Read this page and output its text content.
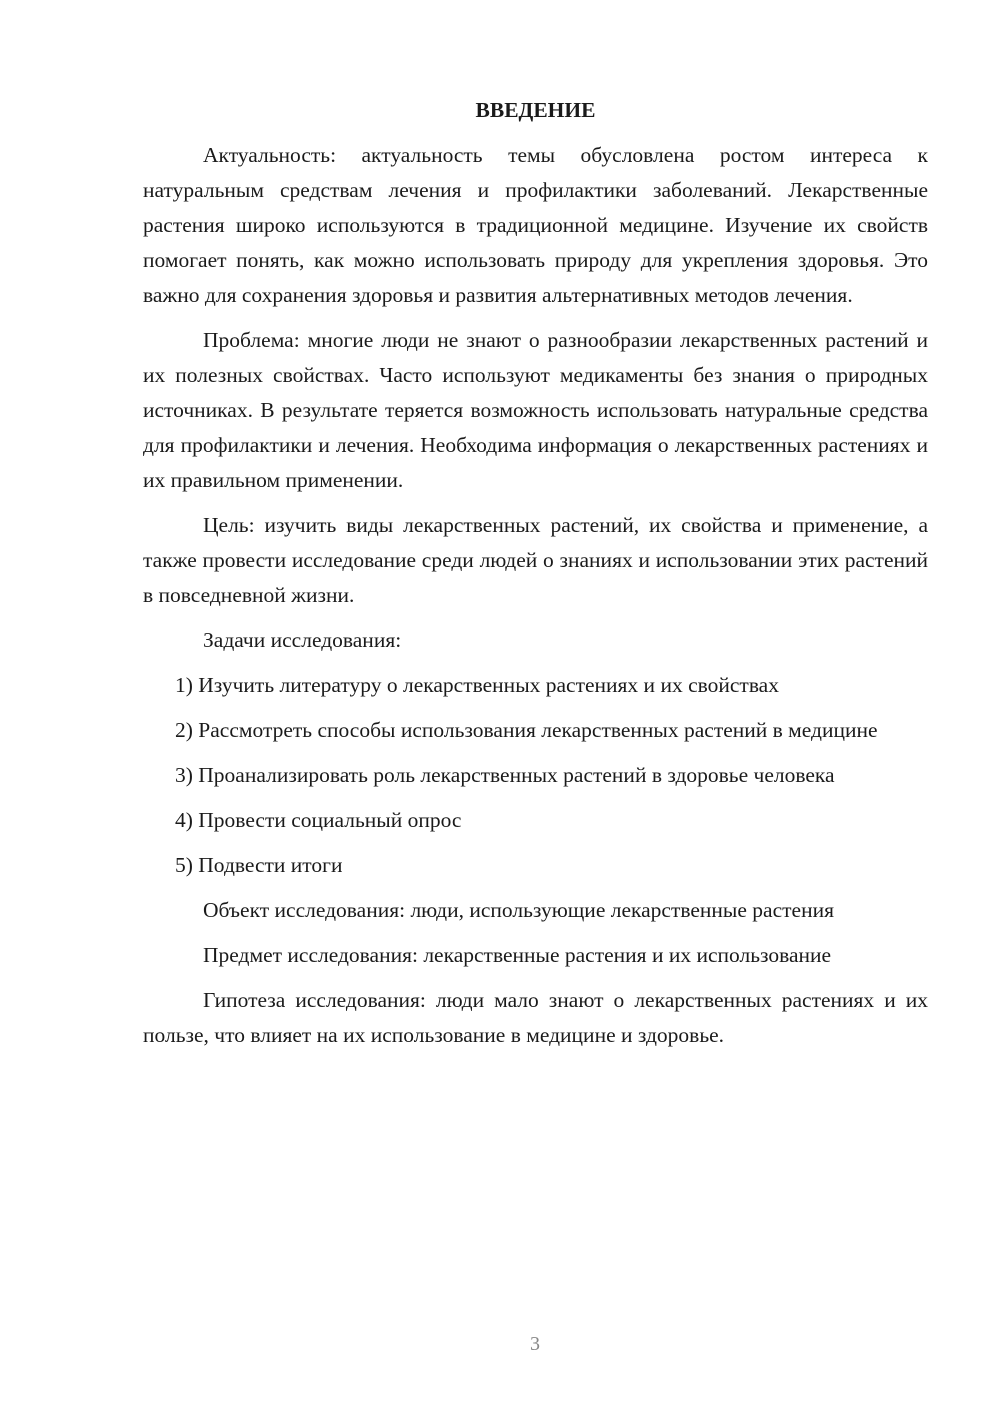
ВВЕДЕНИЕ

Актуальность: актуальность темы обусловлена ростом интереса к натуральным средствам лечения и профилактики заболеваний. Лекарственные растения широко используются в традиционной медицине. Изучение их свойств помогает понять, как можно использовать природу для укрепления здоровья. Это важно для сохранения здоровья и развития альтернативных методов лечения.

Проблема: многие люди не знают о разнообразии лекарственных растений и их полезных свойствах. Часто используют медикаменты без знания о природных источниках. В результате теряется возможность использовать натуральные средства для профилактики и лечения. Необходима информация о лекарственных растениях и их правильном применении.

Цель: изучить виды лекарственных растений, их свойства и применение, а также провести исследование среди людей о знаниях и использовании этих растений в повседневной жизни.

Задачи исследования:

1) Изучить литературу о лекарственных растениях и их свойствах

2) Рассмотреть способы использования лекарственных растений в медицине

3) Проанализировать роль лекарственных растений в здоровье человека

4) Провести социальный опрос

5) Подвести итоги

Объект исследования: люди, использующие лекарственные растения

Предмет исследования: лекарственные растения и их использование

Гипотеза исследования: люди мало знают о лекарственных растениях и их пользе, что влияет на их использование в медицине и здоровье.

3
